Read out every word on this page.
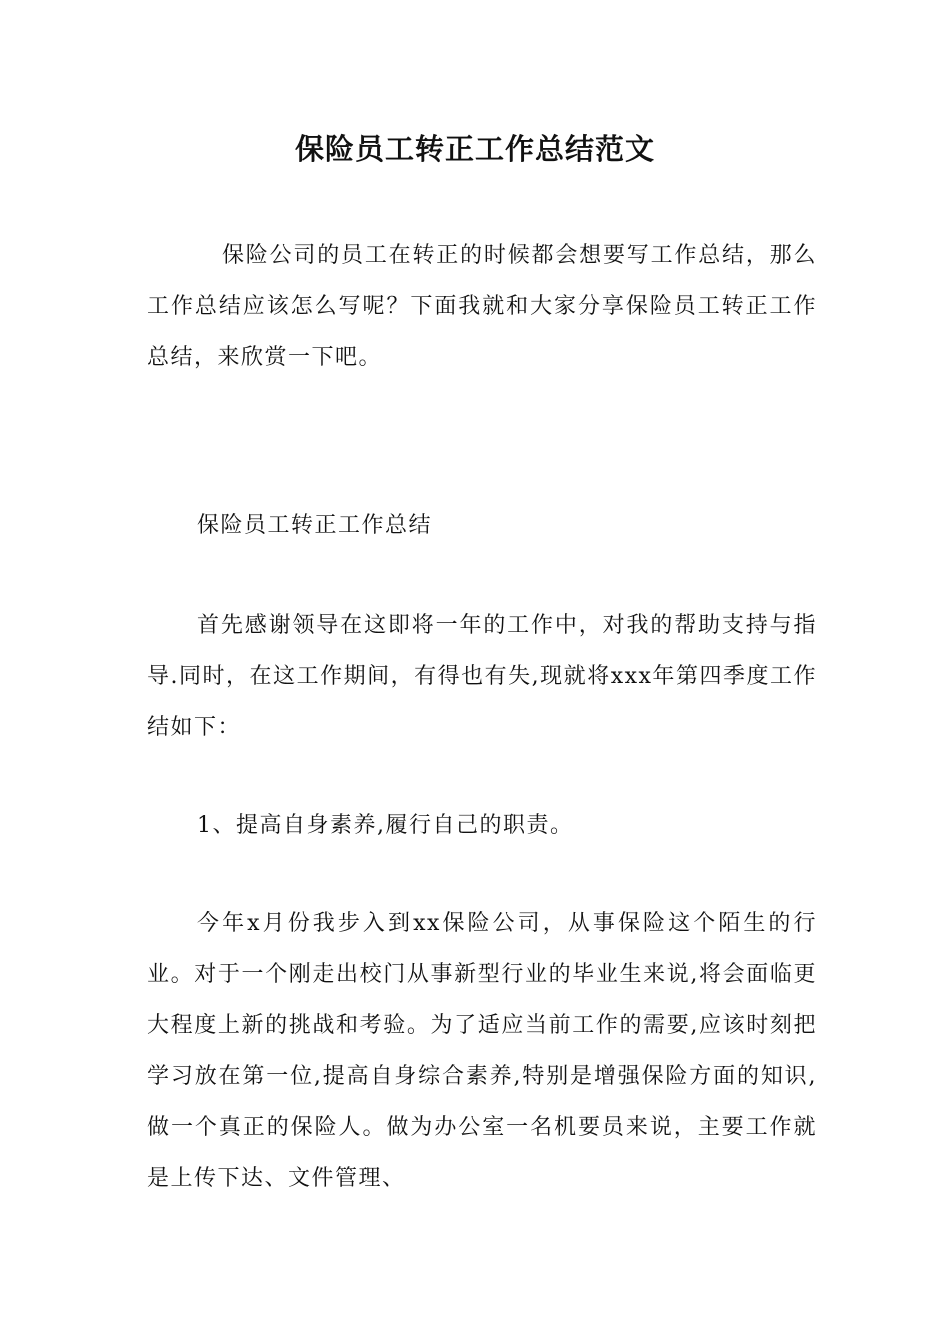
保险员工转正工作总结范文
保险公司的员工在转正的时候都会想要写工作总结，那么工作总结应该怎么写呢？下面我就和大家分享保险员工转正工作总结，来欣赏一下吧。
保险员工转正工作总结
首先感谢领导在这即将一年的工作中，对我的帮助支持与指导.同时，在这工作期间，有得也有失,现就将xxx年第四季度工作结如下：
1、提高自身素养,履行自己的职责。
今年x月份我步入到xx保险公司，从事保险这个陌生的行业。对于一个刚走出校门从事新型行业的毕业生来说,将会面临更大程度上新的挑战和考验。为了适应当前工作的需要,应该时刻把学习放在第一位,提高自身综合素养,特别是增强保险方面的知识,做一个真正的保险人。做为办公室一名机要员来说，主要工作就是上传下达、文件管理、
